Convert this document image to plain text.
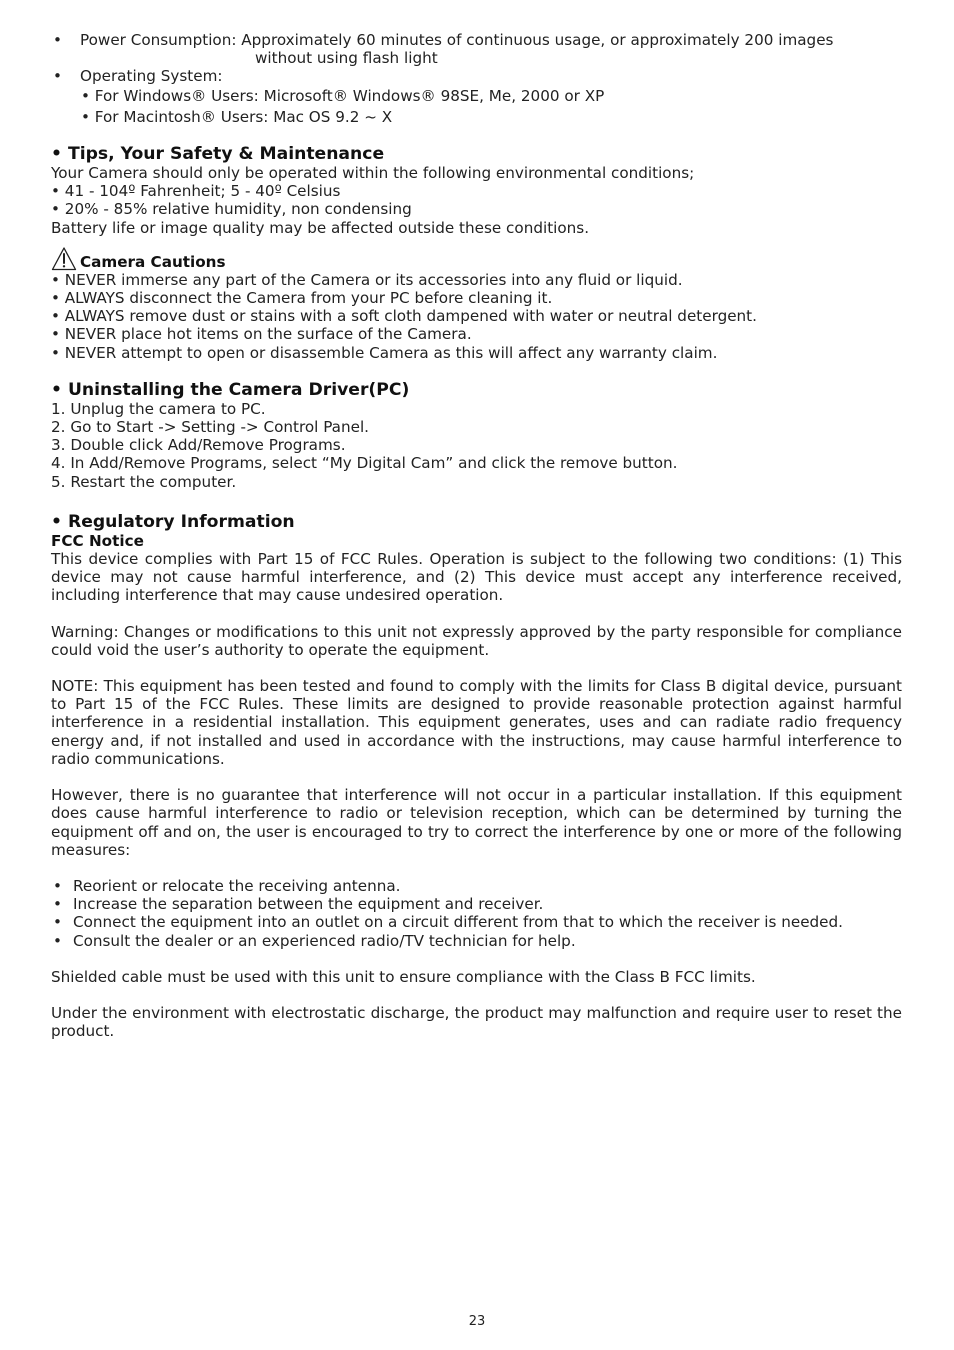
• Power Consumption: Approximately 60 minutes of continuous usage, or approximately 200 images
without using flash light
• Operating System:
• For Windows® Users: Microsoft® Windows® 98SE, Me, 2000 or XP
• For Macintosh® Users: Mac OS 9.2 ~ X
• Tips, Your Safety & Maintenance
Your Camera should only be operated within the following environmental conditions;
• 41 - 104º Fahrenheit; 5 - 40º Celsius
• 20% - 85% relative humidity, non condensing
Battery life or image quality may be affected outside these conditions.
Camera Cautions
• NEVER immerse any part of the Camera or its accessories into any fluid or liquid.
• ALWAYS disconnect the Camera from your PC before cleaning it.
• ALWAYS remove dust or stains with a soft cloth dampened with water or neutral detergent.
• NEVER place hot items on the surface of the Camera.
• NEVER attempt to open or disassemble Camera as this will affect any warranty claim.
• Uninstalling the Camera Driver(PC)
1. Unplug the camera to PC.
2. Go to Start -> Setting -> Control Panel.
3. Double click Add/Remove Programs.
4. In Add/Remove Programs, select “My Digital Cam” and click the remove button.
5. Restart the computer.
• Regulatory Information
FCC Notice
This device complies with Part 15 of FCC Rules. Operation is subject to the following two conditions: (1) This device may not cause harmful interference, and (2) This device must accept any interference received, including interference that may cause undesired operation.
Warning: Changes or modifications to this unit not expressly approved by the party responsible for compliance could void the user’s authority to operate the equipment.
NOTE: This equipment has been tested and found to comply with the limits for Class B digital device, pursuant to Part 15 of the FCC Rules. These limits are designed to provide reasonable protection against harmful interference in a residential installation. This equipment generates, uses and can radiate radio frequency energy and, if not installed and used in accordance with the instructions, may cause harmful interference to radio communications.
However, there is no guarantee that interference will not occur in a particular installation. If this equipment does cause harmful interference to radio or television reception, which can be determined by turning the equipment off and on, the user is encouraged to try to correct the interference by one or more of the following measures:
• Reorient or relocate the receiving antenna.
• Increase the separation between the equipment and receiver.
• Connect the equipment into an outlet on a circuit different from that to which the receiver is needed.
• Consult the dealer or an experienced radio/TV technician for help.
Shielded cable must be used with this unit to ensure compliance with the Class B FCC limits.
Under the environment with electrostatic discharge, the product may malfunction and require user to reset the product.
23
